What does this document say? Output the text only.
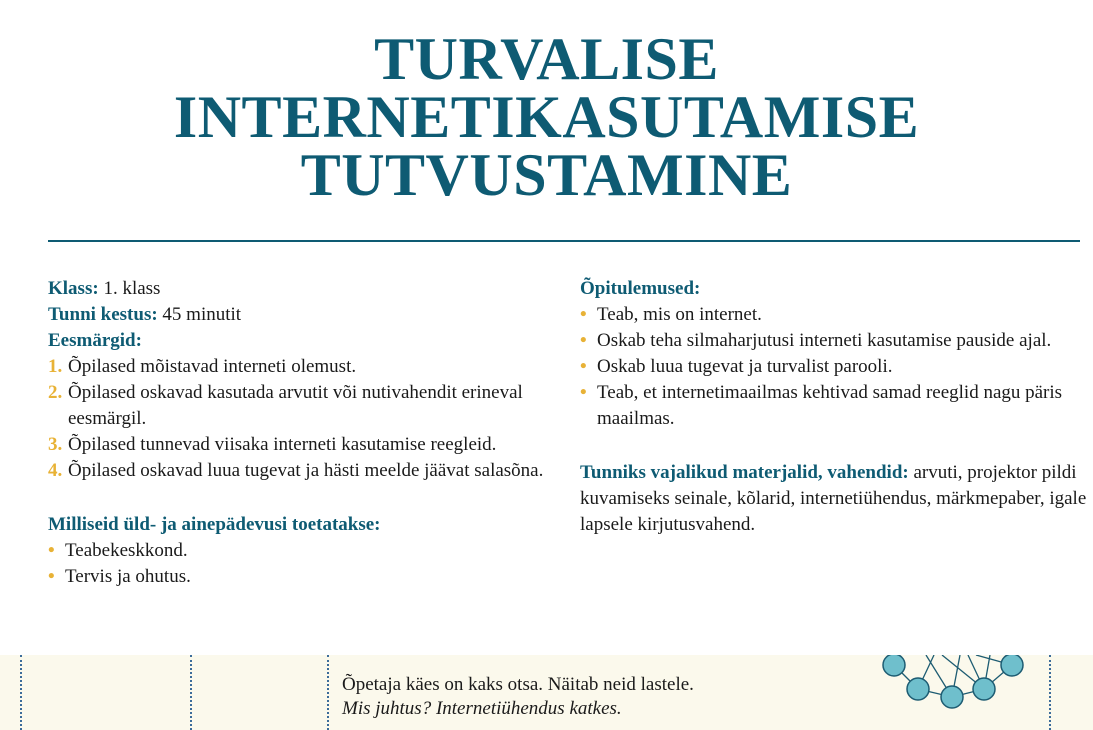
TURVALISE
INTERNETIKASUTAMISE
TUTVUSTAMINE

Klass: 1. klass

Tunni kestus: 45 minutit

Eesmärgid:

1. Õpilased mõistavad interneti olemust.
2. Õpilased oskavad kasutada arvutit või nutivahendit erineval eesmärgil.
3. Õpilased tunnevad viisaka interneti kasutamise reegleid.
4. Õpilased oskavad luua tugevat ja hästi meelde jäävat salasõna.

Milliseid üld- ja ainepädevusi toetatakse:

• Teabekeskkond.
• Tervis ja ohutus.

Õpitulemused:

• Teab, mis on internet.
• Oskab teha silmaharjutusi interneti kasutamise pauside ajal.
• Oskab luua tugevat ja turvalist parooli.
• Teab, et internetimaailmas kehtivad samad reeglid nagu päris maailmas.

Tunniks vajalikud materjalid, vahendid: arvuti, projektor pildi kuvamiseks seinale, kõlarid, internetiühendus, märkmepaber, igale lapsele kirjutusvahend.

Õpetaja käes on kaks otsa. Näitab neid lastele.
Mis juhtus? Internetiühendus katkes.
